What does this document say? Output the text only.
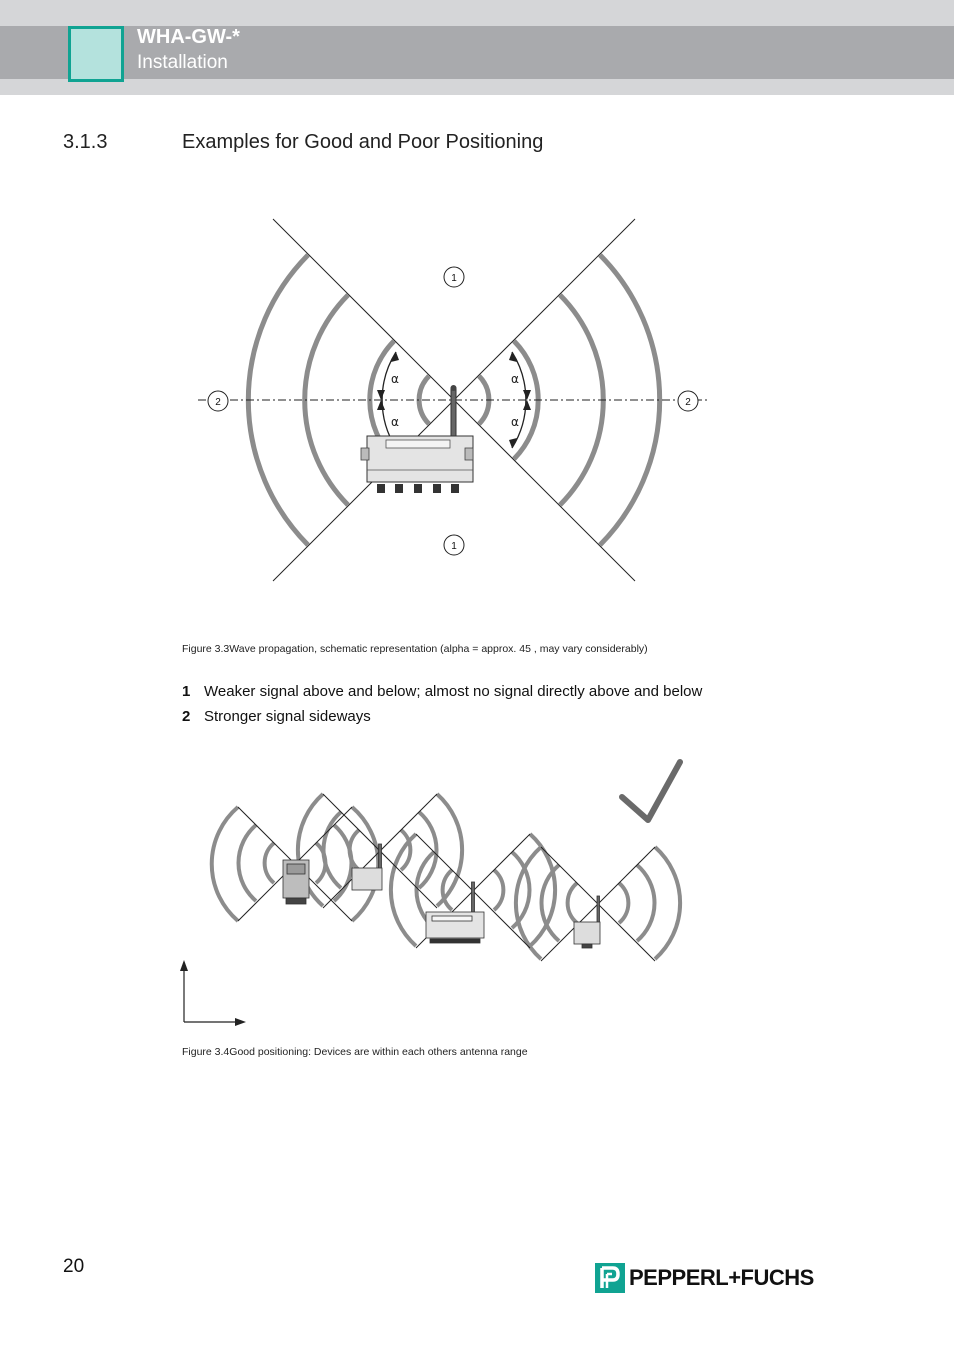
WHA-GW-*
Installation
3.1.3	Examples for Good and Poor Positioning
α
α
α
α
1
1
2	2
Figure 3.3Wave propagation, schematic representation (alpha = approx. 45 , may vary considerably)
1 Weaker signal above and below; almost no signal directly above and below
2 Stronger signal sideways
Figure 3.4Good positioning: Devices are within each others antenna range
20	PEPPERL+FUCHS
